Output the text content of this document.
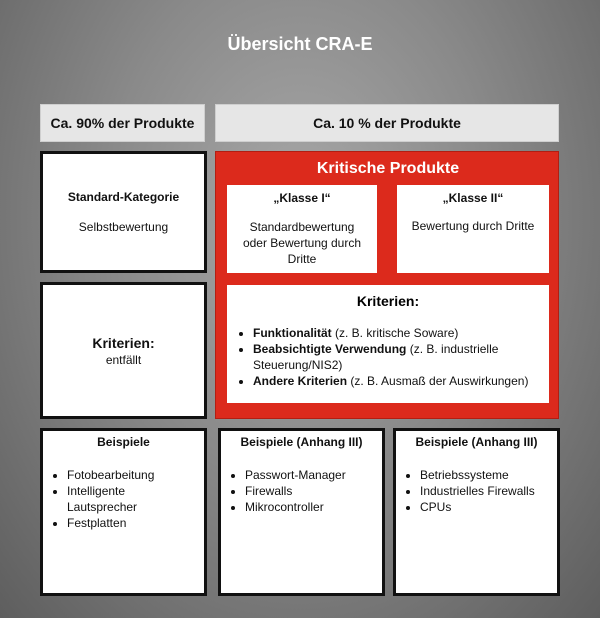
Übersicht CRA-E
Ca. 90% der Produkte	Ca. 10 % der Produkte
Standard-Kategorie
Selbstbewertung
Kriterien:
entfällt
Kritische Produkte
„Klasse I“
Standardbewertung
oder Bewertung durch
Dritte
„Klasse II“
Bewertung durch Dritte
Kriterien:
• Funktionalität (z. B. kritische Soware)
• Beabsichtigte Verwendung (z. B. industrielle Steuerung/NIS2)
• Andere Kriterien (z. B. Ausmaß der Auswirkungen)
Beispiele
• Fotobearbeitung
• Intelligente Lautsprecher
• Festplatten
Beispiele (Anhang III)
• Passwort-Manager
• Firewalls
• Mikrocontroller
Beispiele (Anhang III)
• Betriebssysteme
• Industrielles Firewalls
• CPUs
